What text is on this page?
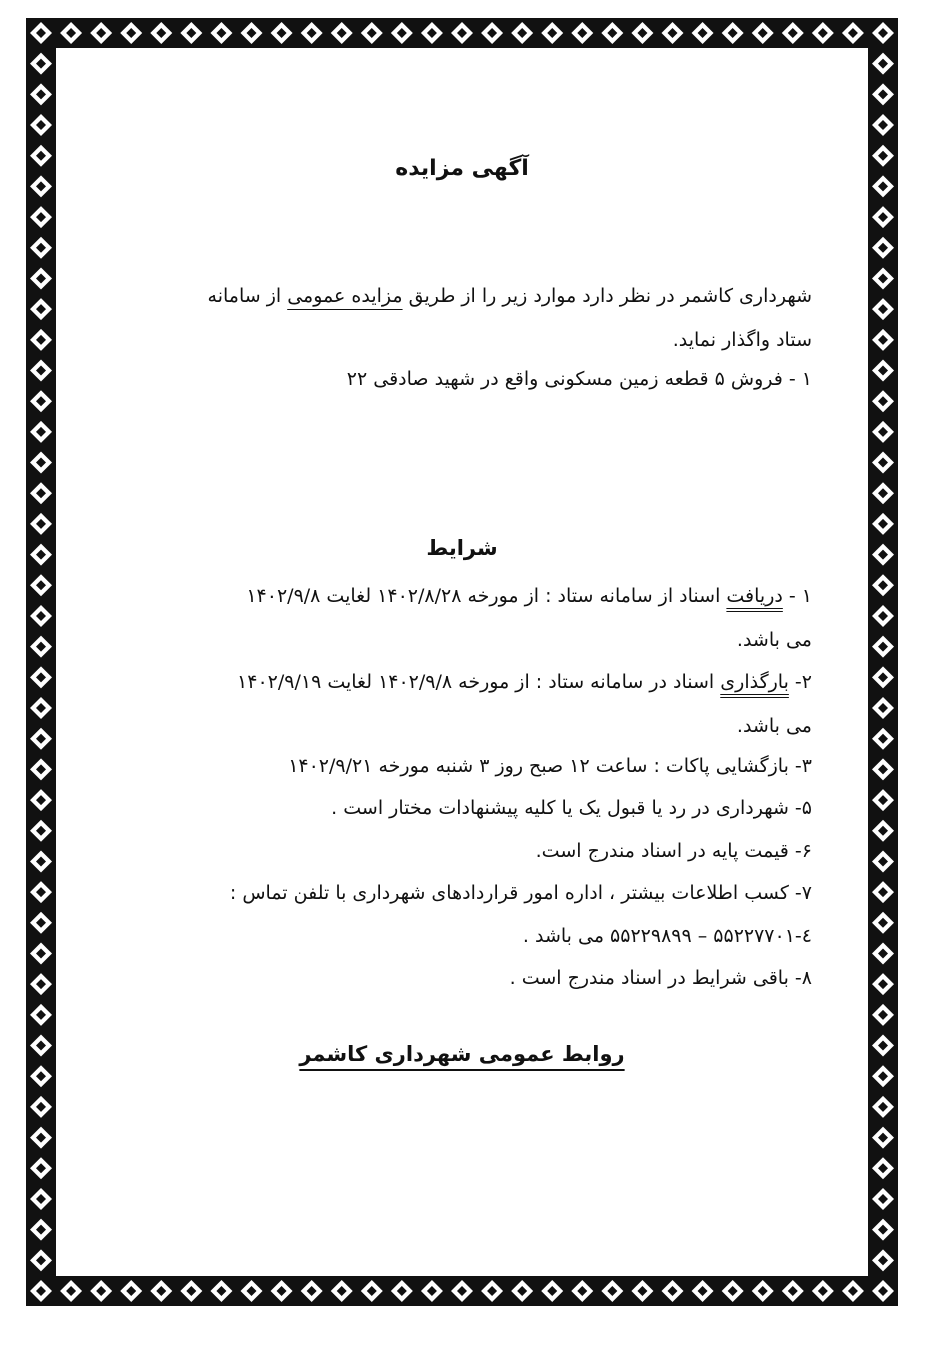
آگهی مزایده
شهرداری کاشمر در نظر دارد موارد زیر را از طریق مزایده عمومی از سامانه
ستاد واگذار نماید.
۱ - فروش ۵ قطعه زمین مسکونی واقع در شهید صادقی ۲۲
شرایط
۱ - دریافت اسناد از سامانه ستاد : از مورخه ۱۴۰۲/۸/۲۸ لغایت ۱۴۰۲/۹/۸
می باشد.
۲- بارگذاری اسناد در سامانه ستاد : از مورخه ۱۴۰۲/۹/۸ لغایت ۱۴۰۲/۹/۱۹
می باشد.
۳- بازگشایی پاکات : ساعت ۱۲ صبح روز ۳ شنبه مورخه ۱۴۰۲/۹/۲۱
۵- شهرداری در رد یا قبول یک یا کلیه پیشنهادات مختار است .
۶- قیمت پایه در اسناد مندرج است.
۷- کسب اطلاعات بیشتر ، اداره امور قراردادهای شهرداری با تلفن تماس :
٤-۵۵۲۲۷۷۰۱ – ۵۵۲۲۹۸۹۹ می باشد .
۸- باقی شرایط در اسناد مندرج است .
روابط عمومی شهرداری کاشمر
